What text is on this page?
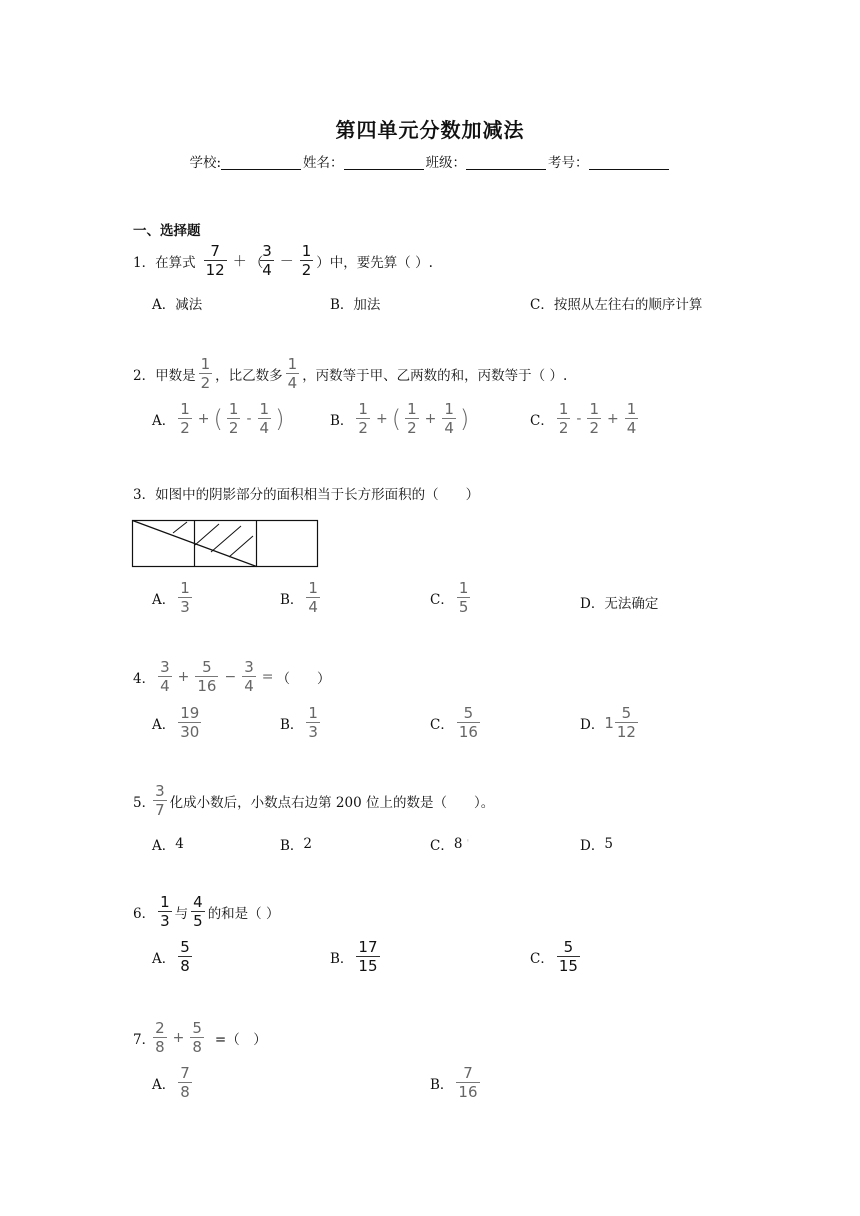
第四单元分数加减法
学校:	姓名：	班级：	考号：
一、选择题
1． 在算式 $\frac{7}{12}$ ＋ （
$\frac{3}{4} - \frac{1}{2}$ ）中，要先算（ ）.
A． 减法	B． 加法	C． 按照从左往右的顺序计算
2． 甲数是 $\frac{1}{2}$ ，比乙数多 $\frac{1}{4}$ ，丙数等于甲、乙两数的和，丙数等于（ ）.
A． $\frac{1}{2}$ + ( $\frac{1}{2} - \frac{1}{4}$ )	B． $\frac{1}{2}$ + ( $\frac{1}{2} + \frac{1}{4}$ )	C． $\frac{1}{2} - \frac{1}{2} + \frac{1}{4}$
3． 如图中的阴影部分的面积相当于长方形面积的（　　）
A． $\frac{1}{3}$	B． $\frac{1}{4}$	C． $\frac{1}{5}$	D． 无法确定
4． $\frac{3}{4} + \frac{5}{16} - \frac{3}{4}$ = （　　）
A． $\frac{19}{30}$	B． $\frac{1}{3}$	C． $\frac{5}{16}$	D． $1 \frac{5}{12}$
5．
$\frac{3}{7}$ 化成小数后，小数点右边第 200 位上的数是（　　）。
A． 4	B． 2	C． 8 ˈ	D． 5
6． $\frac{1}{3}$ 与 $\frac{4}{5}$ 的和是（ ）
A． $\frac{5}{8}$	B． $\frac{17}{15}$	C． $\frac{5}{15}$
7．
$\frac{2}{8} + \frac{5}{8}$ =（　）
A． $\frac{7}{8}$	B． $\frac{7}{16}$
